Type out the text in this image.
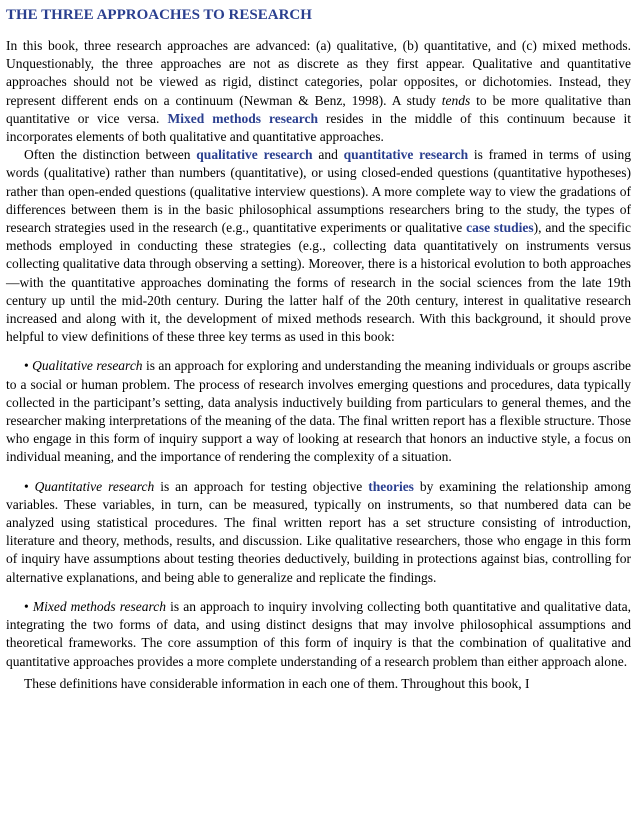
THE THREE APPROACHES TO RESEARCH

In this book, three research approaches are advanced: (a) qualitative, (b) quantitative, and (c) mixed methods. Unquestionably, the three approaches are not as discrete as they first appear. Qualitative and quantitative approaches should not be viewed as rigid, distinct categories, polar opposites, or dichotomies. Instead, they represent different ends on a continuum (Newman & Benz, 1998). A study tends to be more qualitative than quantitative or vice versa. Mixed methods research resides in the middle of this continuum because it incorporates elements of both qualitative and quantitative approaches.

Often the distinction between qualitative research and quantitative research is framed in terms of using words (qualitative) rather than numbers (quantitative), or using closed-ended questions (quantitative hypotheses) rather than open-ended questions (qualitative interview questions). A more complete way to view the gradations of differences between them is in the basic philosophical assumptions researchers bring to the study, the types of research strategies used in the research (e.g., quantitative experiments or qualitative case studies), and the specific methods employed in conducting these strategies (e.g., collecting data quantitatively on instruments versus collecting qualitative data through observing a setting). Moreover, there is a historical evolution to both approaches—with the quantitative approaches dominating the forms of research in the social sciences from the late 19th century up until the mid-20th century. During the latter half of the 20th century, interest in qualitative research increased and along with it, the development of mixed methods research. With this background, it should prove helpful to view definitions of these three key terms as used in this book:

• Qualitative research is an approach for exploring and understanding the meaning individuals or groups ascribe to a social or human problem. The process of research involves emerging questions and procedures, data typically collected in the participant’s setting, data analysis inductively building from particulars to general themes, and the researcher making interpretations of the meaning of the data. The final written report has a flexible structure. Those who engage in this form of inquiry support a way of looking at research that honors an inductive style, a focus on individual meaning, and the importance of rendering the complexity of a situation.

• Quantitative research is an approach for testing objective theories by examining the relationship among variables. These variables, in turn, can be measured, typically on instruments, so that numbered data can be analyzed using statistical procedures. The final written report has a set structure consisting of introduction, literature and theory, methods, results, and discussion. Like qualitative researchers, those who engage in this form of inquiry have assumptions about testing theories deductively, building in protections against bias, controlling for alternative explanations, and being able to generalize and replicate the findings.

• Mixed methods research is an approach to inquiry involving collecting both quantitative and qualitative data, integrating the two forms of data, and using distinct designs that may involve philosophical assumptions and theoretical frameworks. The core assumption of this form of inquiry is that the combination of qualitative and quantitative approaches provides a more complete understanding of a research problem than either approach alone.

These definitions have considerable information in each one of them. Throughout this book, I
